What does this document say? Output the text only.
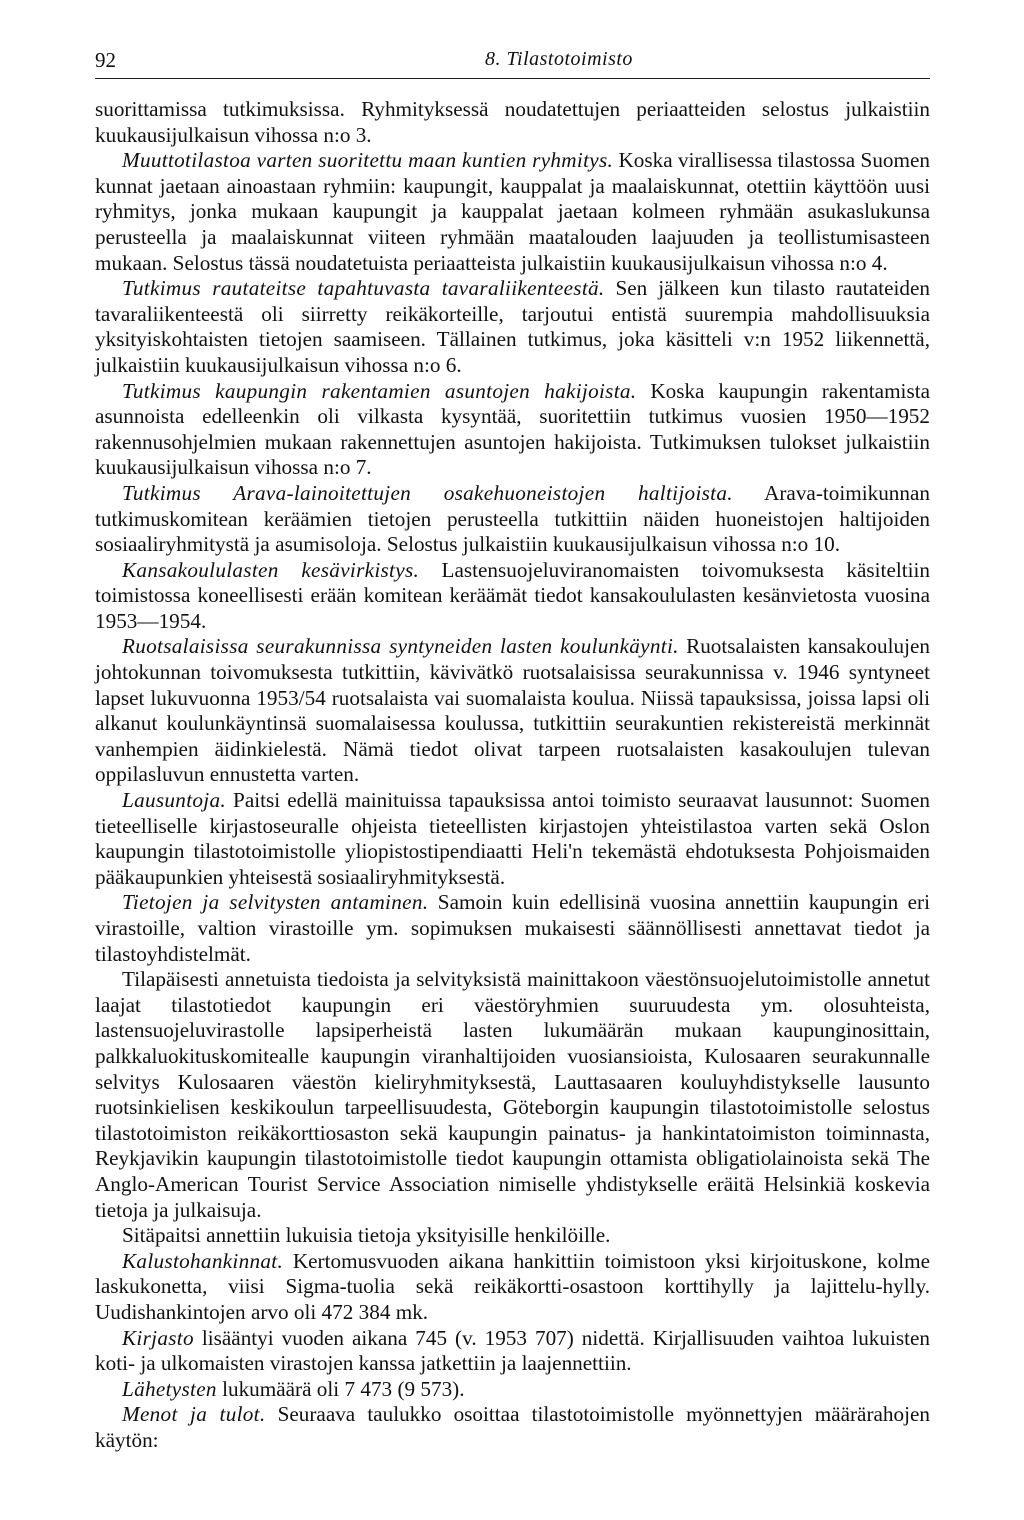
92	8. Tilastotoimisto

suorittamissa tutkimuksissa. Ryhmityksessä noudatettujen periaatteiden selostus julkaistiin kuukausijulkaisun vihossa n:o 3.

Muuttotilastoa varten suoritettu maan kuntien ryhmitys. Koska virallisessa tilastossa Suomen kunnat jaetaan ainoastaan ryhmiin: kaupungit, kauppalat ja maalaiskunnat, otettiin käyttöön uusi ryhmitys, jonka mukaan kaupungit ja kauppalat jaetaan kolmeen ryhmään asukaslukunsa perusteella ja maalaiskunnat viiteen ryhmään maatalouden laajuuden ja teollistumisasteen mukaan. Selostus tässä noudatetuista periaatteista julkaistiin kuukausijulkaisun vihossa n:o 4.

Tutkimus rautateitse tapahtuvasta tavaraliikenteestä. Sen jälkeen kun tilasto rautateiden tavaraliikenteestä oli siirretty reikäkorteille, tarjoutui entistä suurempia mahdollisuuksia yksityiskohtaisten tietojen saamiseen. Tällainen tutkimus, joka käsitteli v:n 1952 liikennettä, julkaistiin kuukausijulkaisun vihossa n:o 6.

Tutkimus kaupungin rakentamien asuntojen hakijoista. Koska kaupungin rakentamista asunnoista edelleenkin oli vilkasta kysyntää, suoritettiin tutkimus vuosien 1950—1952 rakennusohjelmien mukaan rakennettujen asuntojen hakijoista. Tutkimuksen tulokset julkaistiin kuukausijulkaisun vihossa n:o 7.

Tutkimus Arava-lainoitettujen osakehuoneistojen haltijoista. Arava-toimikunnan tutkimuskomitean keräämien tietojen perusteella tutkittiin näiden huoneistojen haltijoiden sosiaaliryhmitystä ja asumisoloja. Selostus julkaistiin kuukausijulkaisun vihossa n:o 10.

Kansakoululasten kesävirkistys. Lastensuojeluviranomaisten toivomuksesta käsiteltiin toimistossa koneellisesti erään komitean keräämät tiedot kansakoululasten kesänvietosta vuosina 1953—1954.

Ruotsalaisissa seurakunnissa syntyneiden lasten koulunkäynti. Ruotsalaisten kansakoulujen johtokunnan toivomuksesta tutkittiin, kävivätkö ruotsalaisissa seurakunnissa v. 1946 syntyneet lapset lukuvuonna 1953/54 ruotsalaista vai suomalaista koulua. Niissä tapauksissa, joissa lapsi oli alkanut koulunkäyntinsä suomalaisessa koulussa, tutkittiin seurakuntien rekistereistä merkinnät vanhempien äidinkielestä. Nämä tiedot olivat tarpeen ruotsalaisten kasakoulujen tulevan oppilasluvun ennustetta varten.

Lausuntoja. Paitsi edellä mainituissa tapauksissa antoi toimisto seuraavat lausunnot: Suomen tieteelliselle kirjastoseuralle ohjeista tieteellisten kirjastojen yhteistilastoa varten sekä Oslon kaupungin tilastotoimistolle yliopistostipendiaatti Heli'n tekemästä ehdotuksesta Pohjoismaiden pääkaupunkien yhteisestä sosiaaliryhmityksestä.

Tietojen ja selvitysten antaminen. Samoin kuin edellisinä vuosina annettiin kaupungin eri virastoille, valtion virastoille ym. sopimuksen mukaisesti säännöllisesti annettavat tiedot ja tilastoyhdistelmät.

Tilapäisesti annetuista tiedoista ja selvityksistä mainittakoon väestönsuojelutoimistolle annetut laajat tilastotiedot kaupungin eri väestöryhmien suuruudesta ym. olosuhteista, lastensuojeluvirastolle lapsiperheistä lasten lukumäärän mukaan kaupunginosittain, palkkaluokituskomitealle kaupungin viranhaltijoiden vuosiansioista, Kulosaaren seurakunnalle selvitys Kulosaaren väestön kieliryhmityksestä, Lauttasaaren kouluyhdistykselle lausunto ruotsinkielisen keskikoulun tarpeellisuudesta, Göteborgin kaupungin tilastotoimistolle selostus tilastotoimiston reikäkorttiosaston sekä kaupungin painatus- ja hankintatoimiston toiminnasta, Reykjavikin kaupungin tilastotoimistolle tiedot kaupungin ottamista obligatiolainoista sekä The Anglo-American Tourist Service Association nimiselle yhdistykselle eräitä Helsinkiä koskevia tietoja ja julkaisuja.

Sitäpaitsi annettiin lukuisia tietoja yksityisille henkilöille.

Kalustohankinnat. Kertomusvuoden aikana hankittiin toimistoon yksi kirjoituskone, kolme laskukonetta, viisi Sigma-tuolia sekä reikäkortti-osastoon korttihylly ja lajittelu-hylly. Uudishankintojen arvo oli 472 384 mk.

Kirjasto lisääntyi vuoden aikana 745 (v. 1953 707) nidettä. Kirjallisuuden vaihtoa lukuisten koti- ja ulkomaisten virastojen kanssa jatkettiin ja laajennettiin.

Lähetysten lukumäärä oli 7 473 (9 573).

Menot ja tulot. Seuraava taulukko osoittaa tilastotoimistolle myönnettyjen määrärahojen käytön:
